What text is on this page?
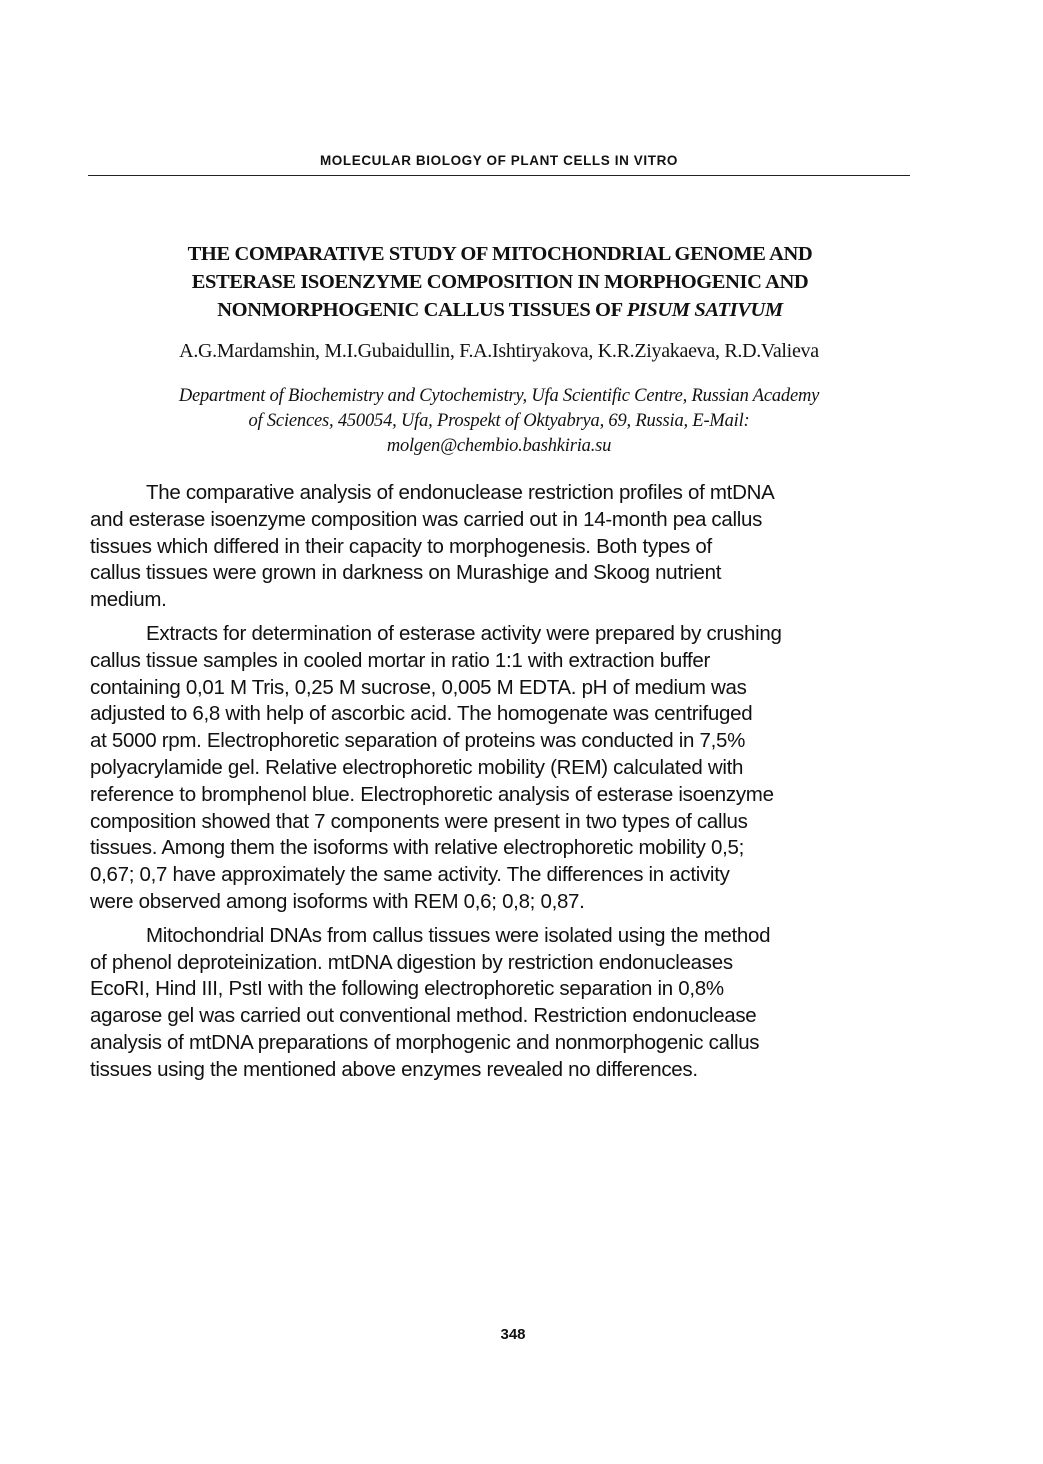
MOLECULAR BIOLOGY OF PLANT CELLS IN VITRO
THE COMPARATIVE STUDY OF MITOCHONDRIAL GENOME AND
ESTERASE ISOENZYME COMPOSITION IN MORPHOGENIC AND
NONMORPHOGENIC CALLUS TISSUES OF PISUM SATIVUM
A.G.Mardamshin, M.I.Gubaidullin, F.A.Ishtiryakova, K.R.Ziyakaeva, R.D.Valieva
Department of Biochemistry and Cytochemistry, Ufa Scientific Centre, Russian Academy
of Sciences, 450054, Ufa, Prospekt of Oktyabrya, 69, Russia, E-Mail:
molgen@chembio.bashkiria.su
The comparative analysis of endonuclease restriction profiles of mtDNA
and esterase isoenzyme composition was carried out in 14-month pea callus
tissues which differed in their capacity to morphogenesis. Both types of
callus tissues were grown in darkness on Murashige and Skoog nutrient
medium.
Extracts for determination of esterase activity were prepared by crushing
callus tissue samples in cooled mortar in ratio 1:1 with extraction buffer
containing 0,01 M Tris, 0,25 M sucrose, 0,005 M EDTA. pH of medium was
adjusted to 6,8 with help of ascorbic acid. The homogenate was centrifuged
at 5000 rpm. Electrophoretic separation of proteins was conducted in 7,5%
polyacrylamide gel. Relative electrophoretic mobility (REM) calculated with
reference to bromphenol blue. Electrophoretic analysis of esterase isoenzyme
composition showed that 7 components were present in two types of callus
tissues. Among them the isoforms with relative electrophoretic mobility 0,5;
0,67; 0,7 have approximately the same activity. The differences in activity
were observed among isoforms with REM 0,6; 0,8; 0,87.
Mitochondrial DNAs from callus tissues were isolated using the method
of phenol deproteinization. mtDNA digestion by restriction endonucleases
EcoRI, Hind III, PstI with the following electrophoretic separation in 0,8%
agarose gel was carried out conventional method. Restriction endonuclease
analysis of mtDNA preparations of morphogenic and nonmorphogenic callus
tissues using the mentioned above enzymes revealed no differences.
348
